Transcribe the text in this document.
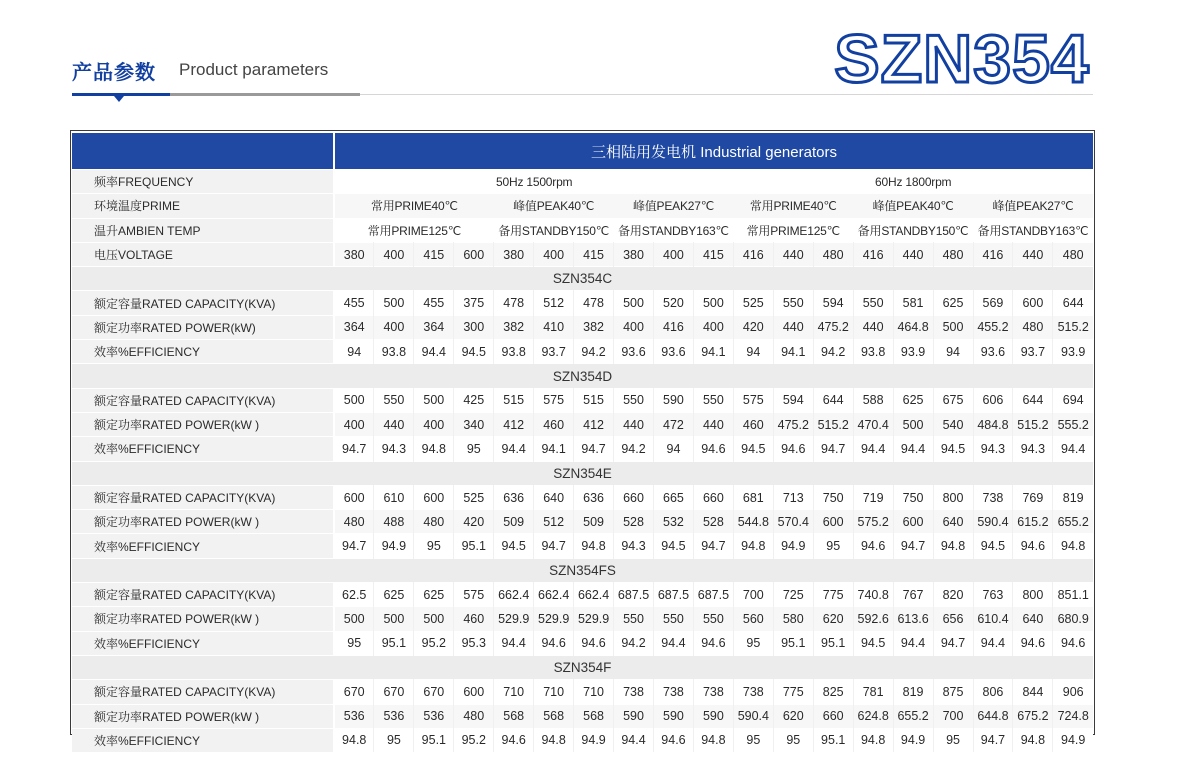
产品参数 Product parameters	SZN354
	三相陆用发电机 Industrial generators																		
频率FREQUENCY	50Hz 1500rpm										60Hz 1800rpm								
环境温度PRIME	常用PRIME40℃				峰值PEAK40℃			峰值PEAK27℃			常用PRIME40℃			峰值PEAK40℃			峰值PEAK27℃		
温升AMBIEN TEMP	常用PRIME125℃				备用STANDBY150℃			备用STANDBY163℃			常用PRIME125℃			备用STANDBY150℃			备用STANDBY163℃		
电压VOLTAGE	380	400	415	600	380	400	415	380	400	415	416	440	480	416	440	480	416	440	480
SZN354C																			
额定容量RATED CAPACITY(KVA)	455	500	455	375	478	512	478	500	520	500	525	550	594	550	581	625	569	600	644
额定功率RATED POWER(kW)	364	400	364	300	382	410	382	400	416	400	420	440	475.2	440	464.8	500	455.2	480	515.2
效率%EFFICIENCY	94	93.8	94.4	94.5	93.8	93.7	94.2	93.6	93.6	94.1	94	94.1	94.2	93.8	93.9	94	93.6	93.7	93.9
SZN354D																			
额定容量RATED CAPACITY(KVA)	500	550	500	425	515	575	515	550	590	550	575	594	644	588	625	675	606	644	694
额定功率RATED POWER(kW )	400	440	400	340	412	460	412	440	472	440	460	475.2	515.2	470.4	500	540	484.8	515.2	555.2
效率%EFFICIENCY	94.7	94.3	94.8	95	94.4	94.1	94.7	94.2	94	94.6	94.5	94.6	94.7	94.4	94.4	94.5	94.3	94.3	94.4
SZN354E																			
额定容量RATED CAPACITY(KVA)	600	610	600	525	636	640	636	660	665	660	681	713	750	719	750	800	738	769	819
额定功率RATED POWER(kW )	480	488	480	420	509	512	509	528	532	528	544.8	570.4	600	575.2	600	640	590.4	615.2	655.2
效率%EFFICIENCY	94.7	94.9	95	95.1	94.5	94.7	94.8	94.3	94.5	94.7	94.8	94.9	95	94.6	94.7	94.8	94.5	94.6	94.8
SZN354FS																			
额定容量RATED CAPACITY(KVA)	62.5	625	625	575	662.4	662.4	662.4	687.5	687.5	687.5	700	725	775	740.8	767	820	763	800	851.1
额定功率RATED POWER(kW )	500	500	500	460	529.9	529.9	529.9	550	550	550	560	580	620	592.6	613.6	656	610.4	640	680.9
效率%EFFICIENCY	95	95.1	95.2	95.3	94.4	94.6	94.6	94.2	94.4	94.6	95	95.1	95.1	94.5	94.4	94.7	94.4	94.6	94.6
SZN354F																			
额定容量RATED CAPACITY(KVA)	670	670	670	600	710	710	710	738	738	738	738	775	825	781	819	875	806	844	906
额定功率RATED POWER(kW )	536	536	536	480	568	568	568	590	590	590	590.4	620	660	624.8	655.2	700	644.8	675.2	724.8
效率%EFFICIENCY	94.8	95	95.1	95.2	94.6	94.8	94.9	94.4	94.6	94.8	95	95	95.1	94.8	94.9	95	94.7	94.8	94.9
